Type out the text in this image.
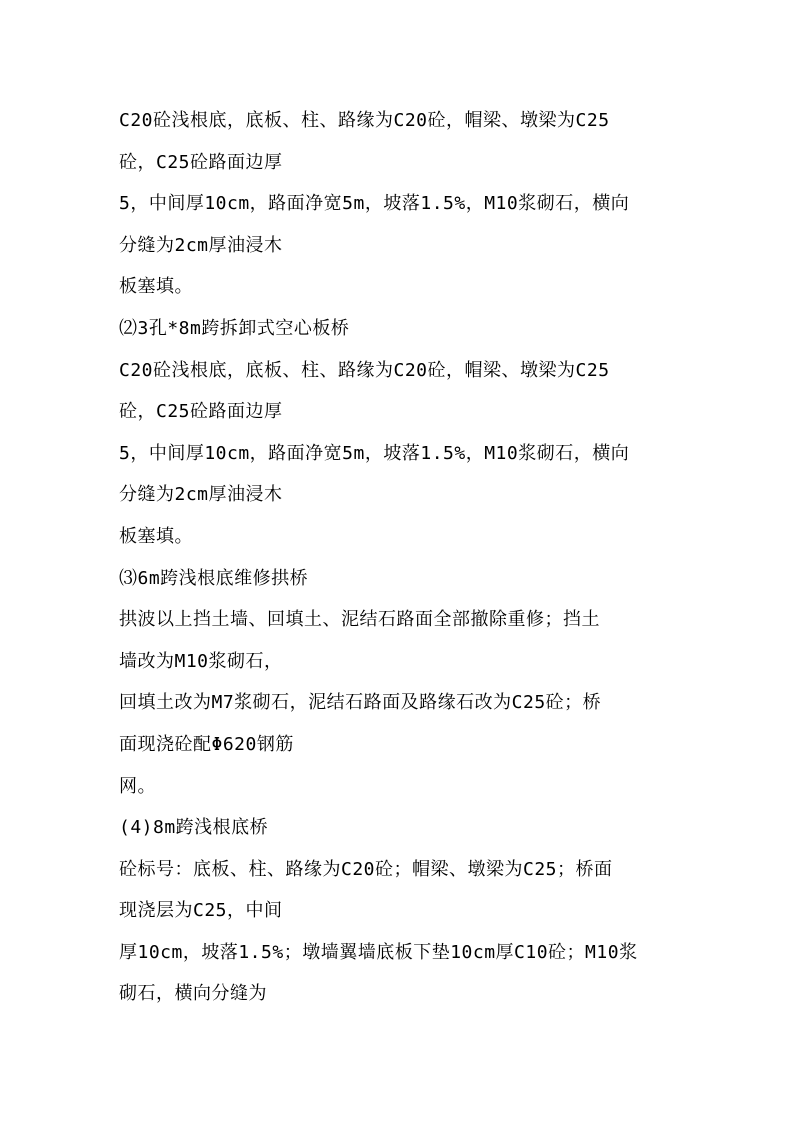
C20砼浅根底，底板、柱、路缘为C20砼，帽梁、墩梁为C25
砼，C25砼路面边厚
5，中间厚10cm，路面净宽5m，坡落1.5%，M10浆砌石，横向
分缝为2cm厚油浸木
板塞填。
⑵3孔*8m跨拆卸式空心板桥
C20砼浅根底，底板、柱、路缘为C20砼，帽梁、墩梁为C25
砼，C25砼路面边厚
5，中间厚10cm，路面净宽5m，坡落1.5%，M10浆砌石，横向
分缝为2cm厚油浸木
板塞填。
⑶6m跨浅根底维修拱桥
拱波以上挡土墙、回填土、泥结石路面全部撤除重修；挡土
墙改为M10浆砌石，
回填土改为M7浆砌石，泥结石路面及路缘石改为C25砼；桥
面现浇砼配Φ620钢筋
网。
(4)8m跨浅根底桥
砼标号：底板、柱、路缘为C20砼；帽梁、墩梁为C25；桥面
现浇层为C25，中间
厚10cm，坡落1.5%；墩墙翼墙底板下垫10cm厚C10砼；M10浆
砌石，横向分缝为
